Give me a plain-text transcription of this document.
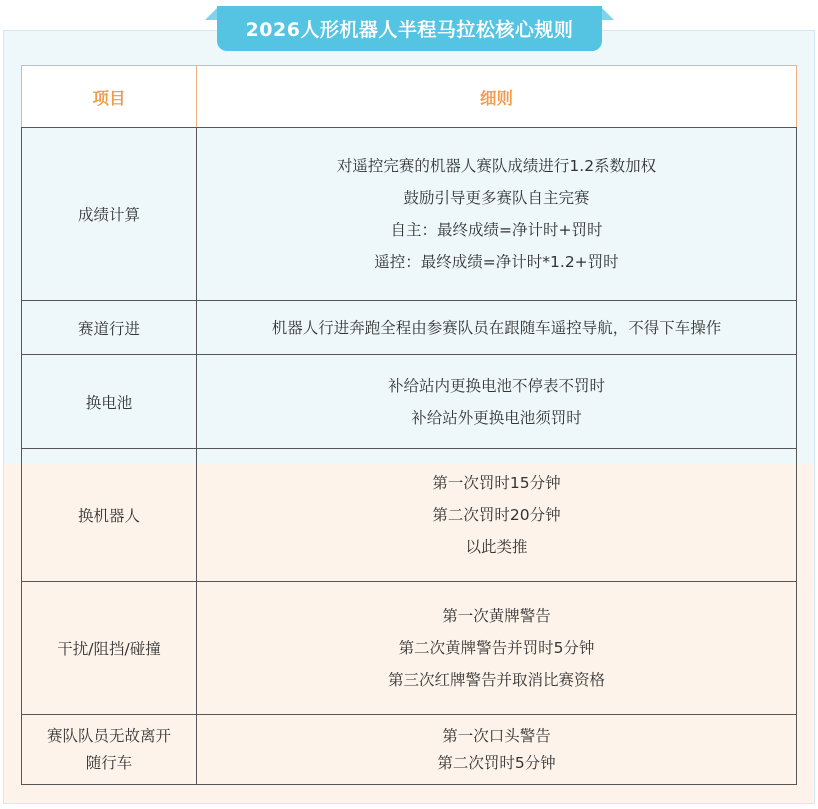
2026人形机器人半程马拉松核心规则
项目	细则
成绩计算	对遥控完赛的机器人赛队成绩进行1.2系数加权
鼓励引导更多赛队自主完赛
自主：最终成绩=净计时+罚时
遥控：最终成绩=净计时*1.2+罚时

赛道行进	机器人行进奔跑全程由参赛队员在跟随车遥控导航，不得下车操作

换电池	补给站内更换电池不停表不罚时
补给站外更换电池须罚时

换机器人	第一次罚时15分钟
第二次罚时20分钟
以此类推

干扰/阻挡/碰撞	第一次黄牌警告
第二次黄牌警告并罚时5分钟
第三次红牌警告并取消比赛资格

赛队队员无故离开
随行车	第一次口头警告
第二次罚时5分钟
